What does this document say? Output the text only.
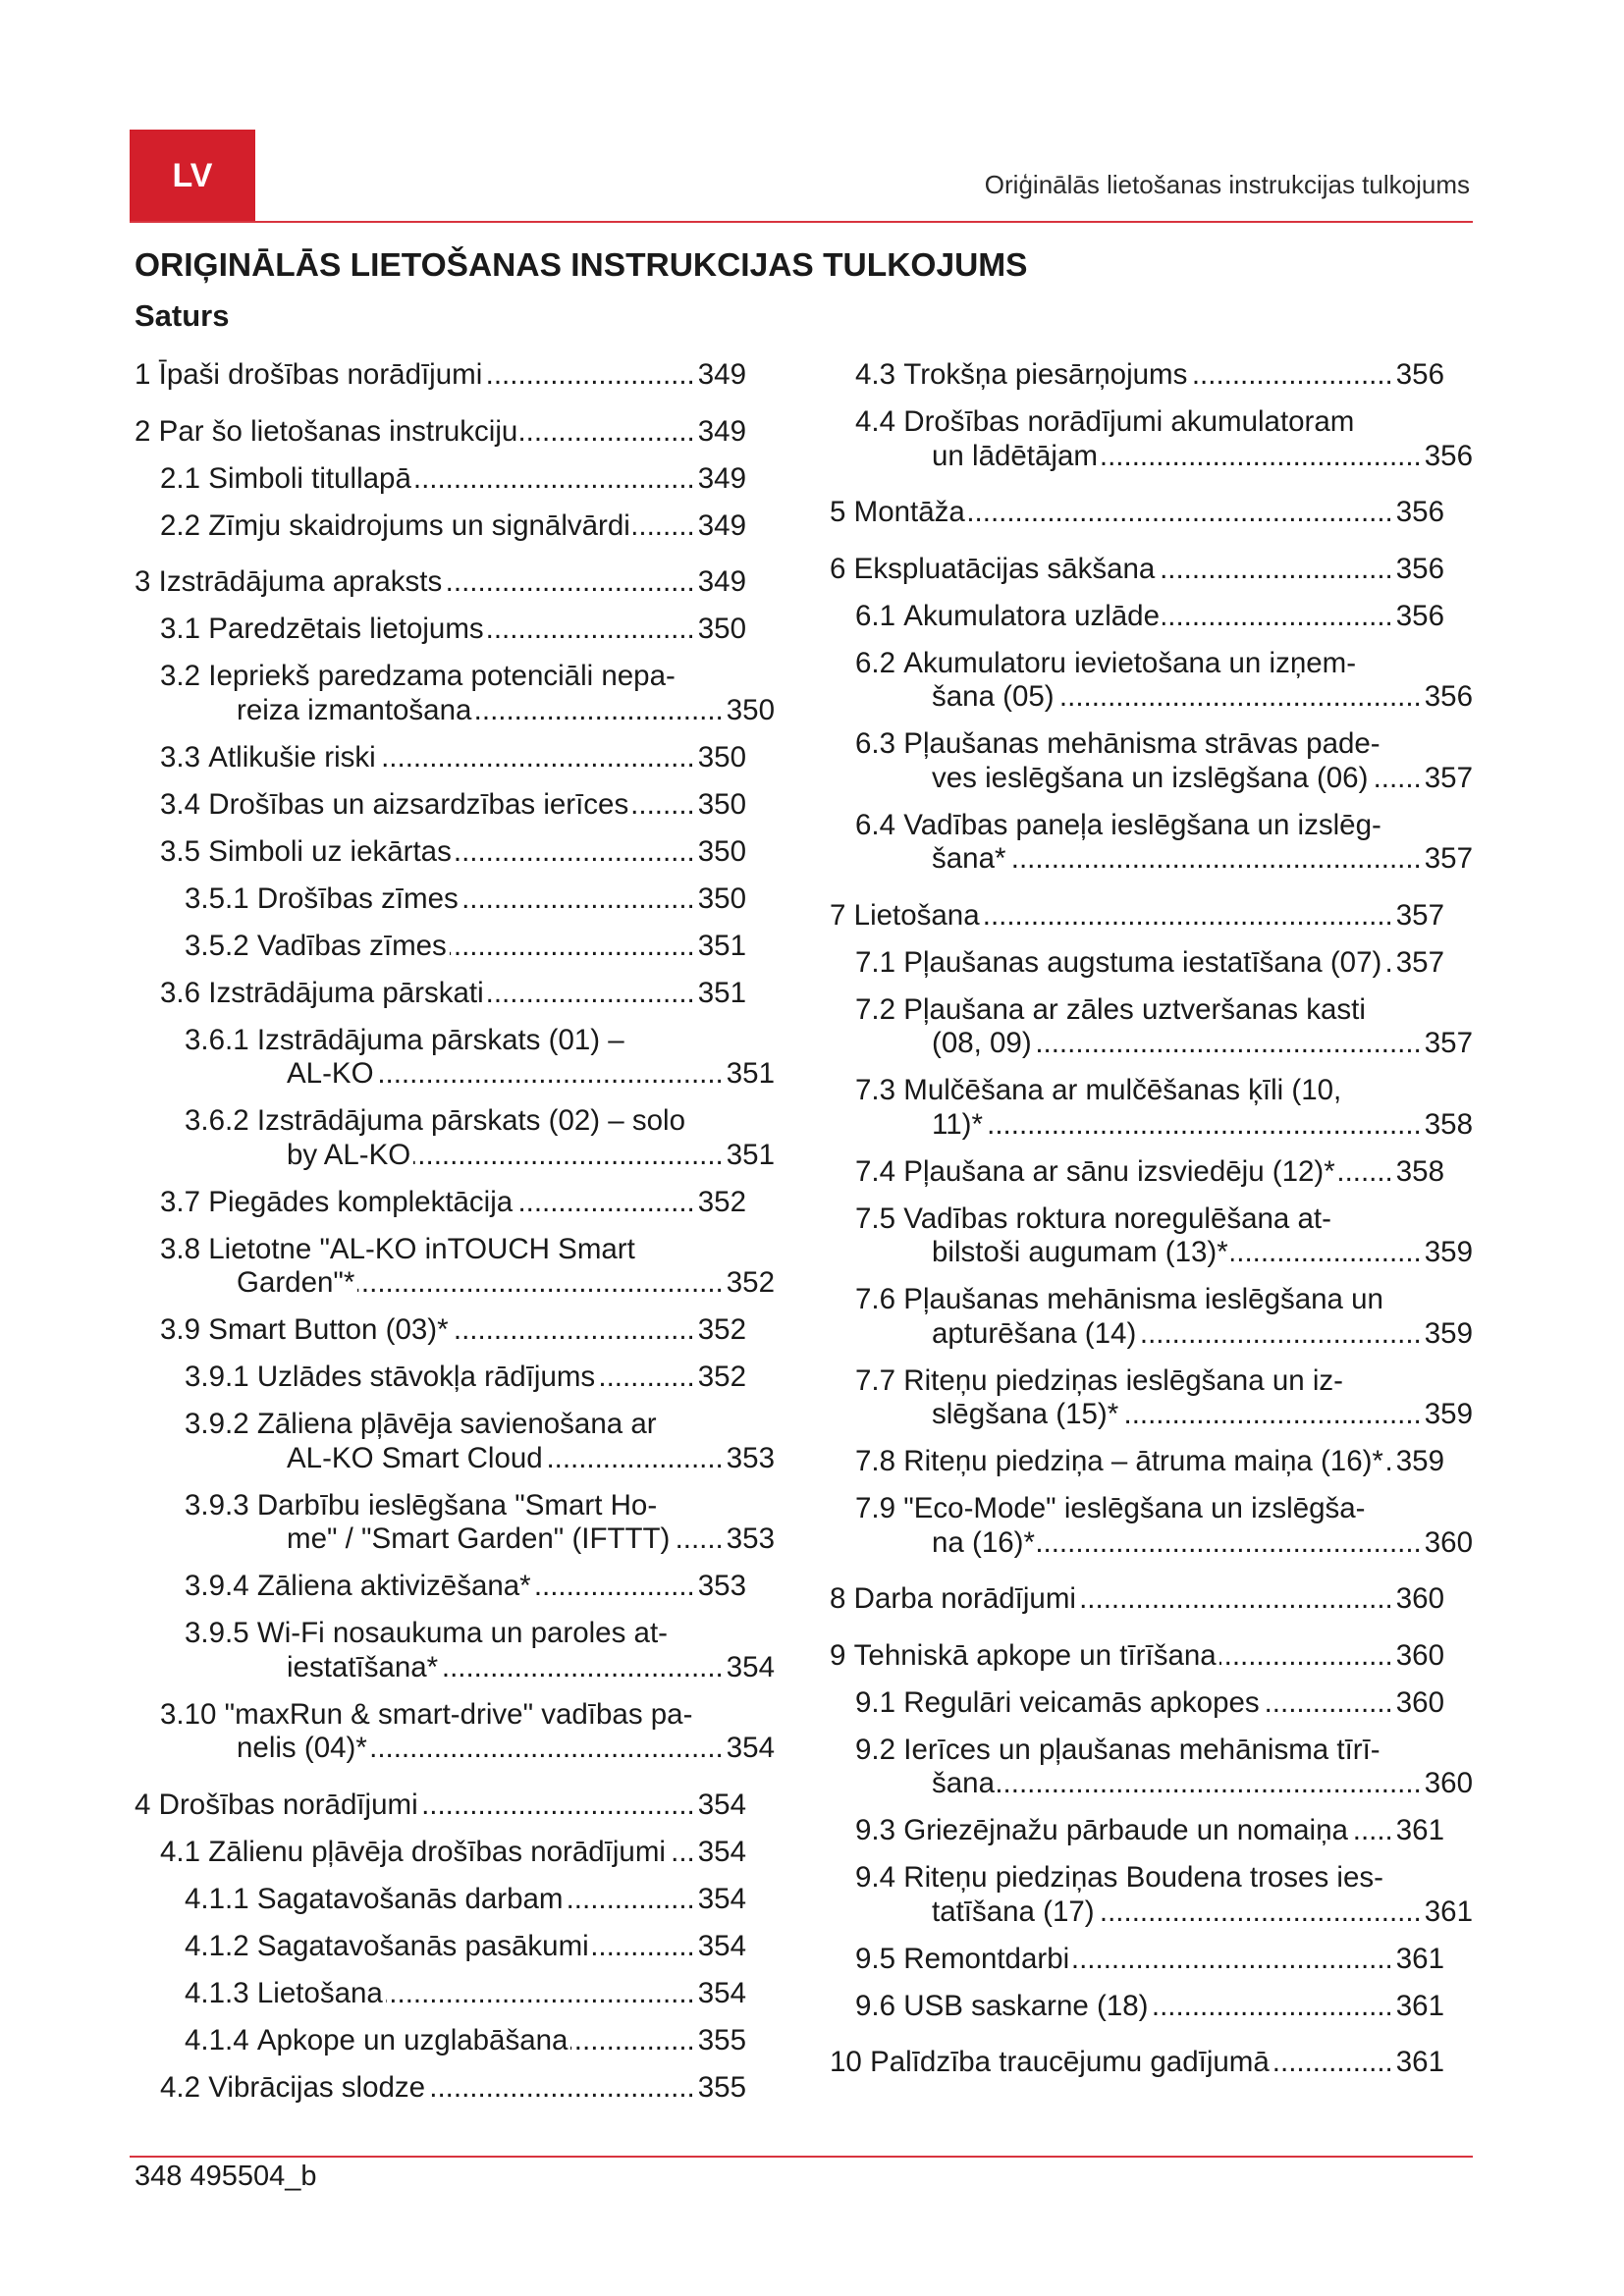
LV	Oriģinālās lietošanas instrukcijas tulkojums
ORIĢINĀLĀS LIETOŠANAS INSTRUKCIJAS TULKOJUMS
Saturs
1 Īpaši drošības norādījumi .....	349
2 Par šo lietošanas instrukciju .....	349
2.1 Simboli titullapā .....	349
2.2 Zīmju skaidrojums un signālvārdi ..... 349
3 Izstrādājuma apraksts .....	349
3.1 Paredzētais lietojums .....	350
3.2 Iepriekš paredzama potenciāli nepa-
reiza izmantošana .....	350
3.3 Atlikušie riski .....	350
3.4 Drošības un aizsardzības ierīces ..... 350
3.5 Simboli uz iekārtas .....	350
3.5.1 Drošības zīmes .....	350
3.5.2 Vadības zīmes .....	351
3.6 Izstrādājuma pārskati .....	351
3.6.1 Izstrādājuma pārskats (01) –
AL-KO .....	351
3.6.2 Izstrādājuma pārskats (02) – solo
by AL-KO .....	351
3.7 Piegādes komplektācija .....	352
3.8 Lietotne "AL-KO inTOUCH Smart
Garden"* .....	352
3.9 Smart Button (03)* .....	352
3.9.1 Uzlādes stāvokļa rādījums .....	352
3.9.2 Zāliena pļāvēja savienošana ar
AL-KO Smart Cloud .....	353
3.9.3 Darbību ieslēgšana "Smart Ho-
me" / "Smart Garden" (IFTTT) ..... 353
3.9.4 Zāliena aktivizēšana* .....	353
3.9.5 Wi-Fi nosaukuma un paroles at-
iestatīšana* .....	354
3.10 "maxRun & smart-drive" vadības pa-
nelis (04)* .....	354
4 Drošības norādījumi .....	354
4.1 Zālienu pļāvēja drošības norādījumi ..... 354
4.1.1 Sagatavošanās darbam .....	354
4.1.2 Sagatavošanās pasākumi .....	354
4.1.3 Lietošana .....	354
4.1.4 Apkope un uzglabāšana .....	355
4.2 Vibrācijas slodze .....	355
4.3 Trokšņa piesārņojums .....	356
4.4 Drošības norādījumi akumulatoram
un lādētājam .....	356
5 Montāža .....	356
6 Ekspluatācijas sākšana .....	356
6.1 Akumulatora uzlāde .....	356
6.2 Akumulatoru ievietošana un izņem-
šana (05) .....	356
6.3 Pļaušanas mehānisma strāvas pade-
ves ieslēgšana un izslēgšana (06) ..... 357
6.4 Vadības paneļa ieslēgšana un izslēg-
šana* .....	357
7 Lietošana .....	357
7.1 Pļaušanas augstuma iestatīšana (07) ..... 357
7.2 Pļaušana ar zāles uztveršanas kasti
(08, 09) .....	357
7.3 Mulčēšana ar mulčēšanas ķīli (10,
11)* .....	358
7.4 Pļaušana ar sānu izsviedēju (12)* ..... 358
7.5 Vadības roktura noregulēšana at-
bilstoši augumam (13)* .....	359
7.6 Pļaušanas mehānisma ieslēgšana un
apturēšana (14) .....	359
7.7 Riteņu piedziņas ieslēgšana un iz-
slēgšana (15)* .....	359
7.8 Riteņu piedziņa – ātruma maiņa (16)* ..... 359
7.9 "Eco-Mode" ieslēgšana un izslēgša-
na (16)* .....	360
8 Darba norādījumi .....	360
9 Tehniskā apkope un tīrīšana .....	360
9.1 Regulāri veicamās apkopes .....	360
9.2 Ierīces un pļaušanas mehānisma tīrī-
šana .....	360
9.3 Griezējnažu pārbaude un nomaiņa ..... 361
9.4 Riteņu piedziņas Boudena troses ies-
tatīšana (17) .....	361
9.5 Remontdarbi .....	361
9.6 USB saskarne (18) .....	361
10 Palīdzība traucējumu gadījumā .....	361
348 495504_b
